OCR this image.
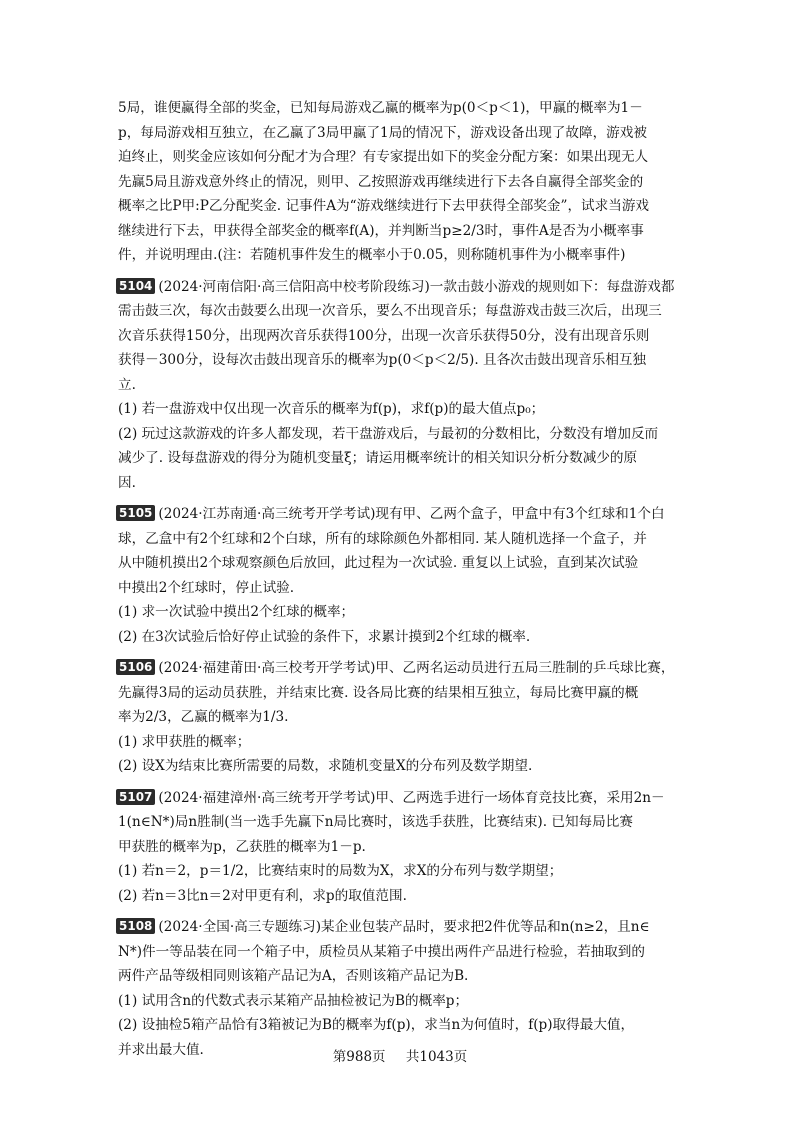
5局，谁便赢得全部的奖金，已知每局游戏乙赢的概率为p(0＜p＜1)，甲赢的概率为1－

p，每局游戏相互独立，在乙赢了3局甲赢了1局的情况下，游戏设备出现了故障，游戏被

迫终止，则奖金应该如何分配才为合理？有专家提出如下的奖金分配方案：如果出现无人

先赢5局且游戏意外终止的情况，则甲、乙按照游戏再继续进行下去各自赢得全部奖金的

概率之比P甲:P乙分配奖金. 记事件A为“游戏继续进行下去甲获得全部奖金”，试求当游戏

继续进行下去，甲获得全部奖金的概率f(A)，并判断当p≥2/3时，事件A是否为小概率事

件，并说明理由.(注：若随机事件发生的概率小于0.05，则称随机事件为小概率事件)

5104 (2024·河南信阳·高三信阳高中校考阶段练习)一款击鼓小游戏的规则如下：每盘游戏都

需击鼓三次，每次击鼓要么出现一次音乐，要么不出现音乐；每盘游戏击鼓三次后，出现三

次音乐获得150分，出现两次音乐获得100分，出现一次音乐获得50分，没有出现音乐则

获得－300分，设每次击鼓出现音乐的概率为p(0＜p＜2/5). 且各次击鼓出现音乐相互独

立.

(1) 若一盘游戏中仅出现一次音乐的概率为f(p)，求f(p)的最大值点p₀；

(2) 玩过这款游戏的许多人都发现，若干盘游戏后，与最初的分数相比，分数没有增加反而

减少了. 设每盘游戏的得分为随机变量ξ；请运用概率统计的相关知识分析分数减少的原

因.

5105 (2024·江苏南通·高三统考开学考试)现有甲、乙两个盒子，甲盒中有3个红球和1个白

球，乙盒中有2个红球和2个白球，所有的球除颜色外都相同. 某人随机选择一个盒子，并

从中随机摸出2个球观察颜色后放回，此过程为一次试验. 重复以上试验，直到某次试验

中摸出2个红球时，停止试验.

(1) 求一次试验中摸出2个红球的概率；

(2) 在3次试验后恰好停止试验的条件下，求累计摸到2个红球的概率.

5106 (2024·福建莆田·高三校考开学考试)甲、乙两名运动员进行五局三胜制的乒乓球比赛，

先赢得3局的运动员获胜，并结束比赛. 设各局比赛的结果相互独立，每局比赛甲赢的概

率为2/3，乙赢的概率为1/3.

(1) 求甲获胜的概率；

(2) 设X为结束比赛所需要的局数，求随机变量X的分布列及数学期望.

5107 (2024·福建漳州·高三统考开学考试)甲、乙两选手进行一场体育竞技比赛，采用2n－

1(n∈N*)局n胜制(当一选手先赢下n局比赛时，该选手获胜，比赛结束). 已知每局比赛

甲获胜的概率为p，乙获胜的概率为1－p.

(1) 若n＝2，p＝1/2，比赛结束时的局数为X，求X的分布列与数学期望；

(2) 若n＝3比n＝2对甲更有利，求p的取值范围.

5108 (2024·全国·高三专题练习)某企业包装产品时，要求把2件优等品和n(n≥2，且n∈

N*)件一等品装在同一个箱子中，质检员从某箱子中摸出两件产品进行检验，若抽取到的

两件产品等级相同则该箱产品记为A，否则该箱产品记为B.

(1) 试用含n的代数式表示某箱产品抽检被记为B的概率p；

(2) 设抽检5箱产品恰有3箱被记为B的概率为f(p)，求当n为何值时，f(p)取得最大值，

并求出最大值.	第988页 共1043页
